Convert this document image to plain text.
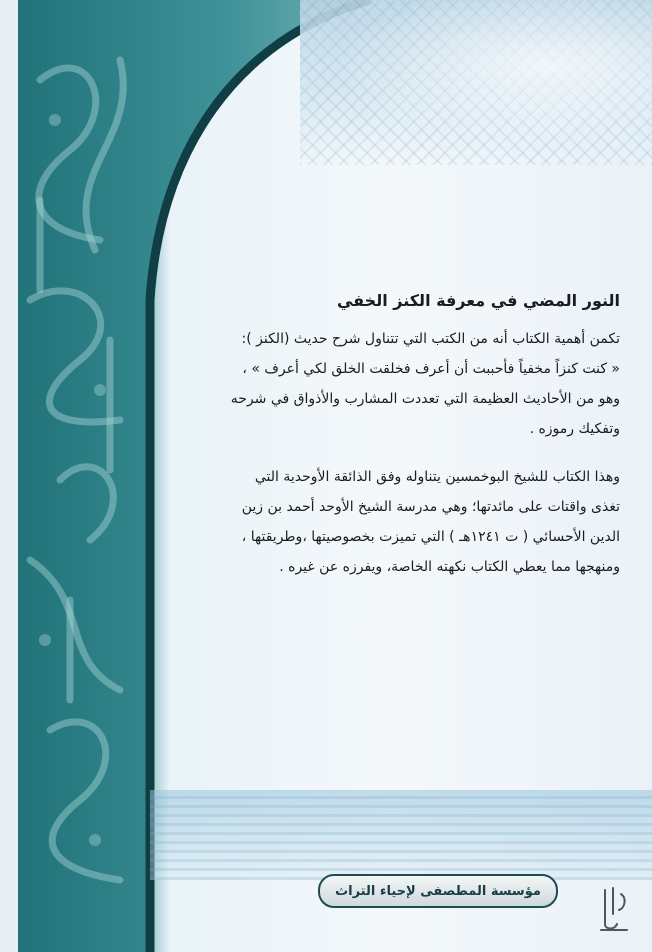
النور المضي في معرفة الكنز الخفي

تكمن أهمية الكتاب أنه من الكتب التي تتناول شرح حديث (الكنز ):

« كنت كنزاً مخفياً فأحببت أن أعرف فخلقت الخلق لكي أعرف » ،

وهو من الأحاديث العظيمة التي تعددت المشارب والأذواق في شرحه

وتفكيك رموزه .

وهذا الكتاب للشيخ البوخمسين يتناوله وفق الذائقة الأوحدية التي

تغذى واقتات على مائدتها؛ وهي مدرسة الشيخ الأوحد أحمد بن زين

الدين الأحسائي ( ت ١٢٤١هـ ) التي تميزت بخصوصيتها ،وطريقتها ،

ومنهجها مما يعطي الكتاب نكهته الخاصة، ويفرزه عن غيره .

مؤسسة المطصفى لإحياء التراث
